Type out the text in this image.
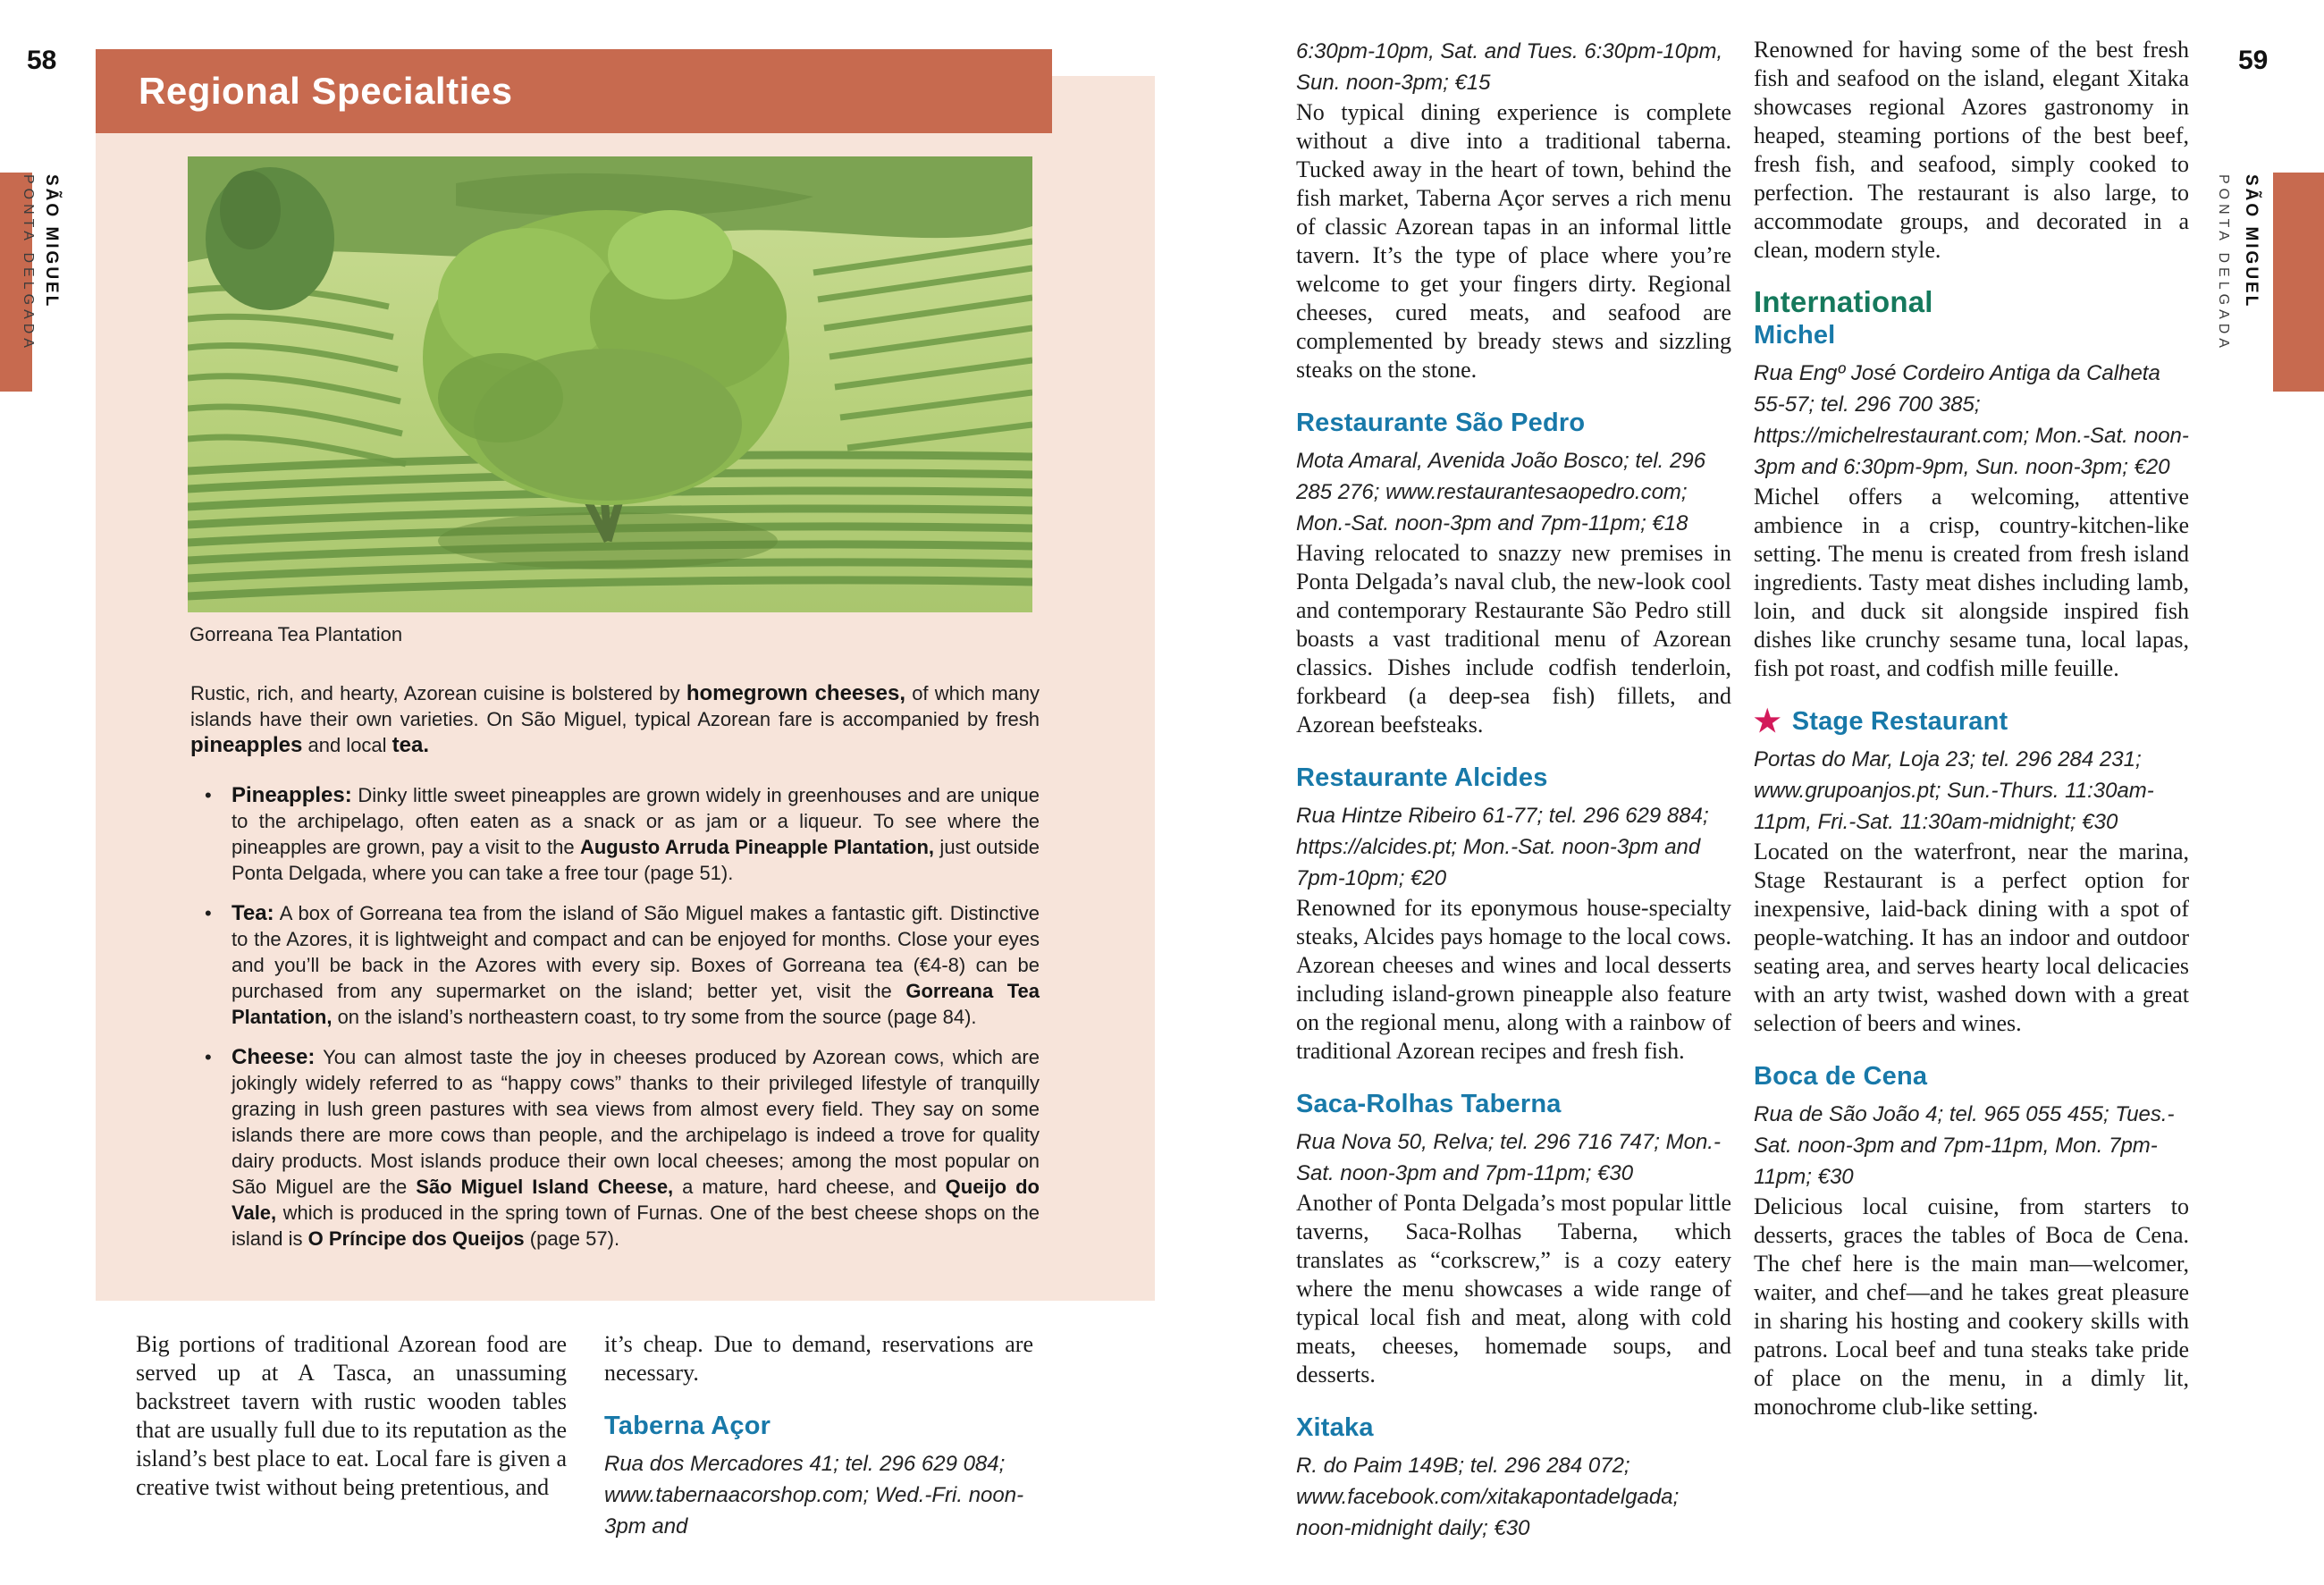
58
PONTA DELGADA SÃO MIGUEL
Gorreana Tea Plantation

Rustic, rich, and hearty, Azorean cuisine is bolstered by homegrown cheeses, of which many islands have their own varieties. On São Miguel, typical Azorean fare is accompanied by fresh pineapples and local tea.

• Pineapples: Dinky little sweet pineapples are grown widely in greenhouses and are unique to the archipelago, often eaten as a snack or as jam or a liqueur. To see where the pineapples are grown, pay a visit to the Augusto Arruda Pineapple Plantation, just outside Ponta Delgada, where you can take a free tour (page 51).
• Tea: A box of Gorreana tea from the island of São Miguel makes a fantastic gift. Distinctive to the Azores, it is lightweight and compact and can be enjoyed for months. Close your eyes and you’ll be back in the Azores with every sip. Boxes of Gorreana tea (€4-8) can be purchased from any supermarket on the island; better yet, visit the Gorreana Tea Plantation, on the island’s northeastern coast, to try some from the source (page 84).
• Cheese: You can almost taste the joy in cheeses produced by Azorean cows, which are jokingly widely referred to as “happy cows” thanks to their privileged lifestyle of tranquilly grazing in lush green pastures with sea views from almost every field. They say on some islands there are more cows than people, and the archipelago is indeed a trove for quality dairy products. Most islands produce their own local cheeses; among the most popular on São Miguel are the São Miguel Island Cheese, a mature, hard cheese, and Queijo do Vale, which is produced in the spring town of Furnas. One of the best cheese shops on the island is O Príncipe dos Queijos (page 57).
Regional Specialties

Big portions of traditional Azorean food are served up at A Tasca, an unassuming backstreet tavern with rustic wooden tables that are usually full due to its reputation as the island’s best place to eat. Local fare is given a creative twist without being pretentious, and

it’s cheap. Due to demand, reservations are necessary.

Taberna Açor

Rua dos Mercadores 41; tel. 296 629 084; www.tabernaacorshop.com; Wed.-Fri. noon-3pm and

6:30pm-10pm, Sat. and Tues. 6:30pm-10pm, Sun. noon-3pm; €15

No typical dining experience is complete without a dive into a traditional taberna. Tucked away in the heart of town, behind the fish market, Taberna Açor serves a rich menu of classic Azorean tapas in an informal little tavern. It’s the type of place where you’re welcome to get your fingers dirty. Regional cheeses, cured meats, and seafood are complemented by bready stews and sizzling steaks on the stone.

Restaurante São Pedro

Mota Amaral, Avenida João Bosco; tel. 296 285 276; www.restaurantesaopedro.com; Mon.-Sat. noon-3pm and 7pm-11pm; €18

Having relocated to snazzy new premises in Ponta Delgada’s naval club, the new-look cool and contemporary Restaurante São Pedro still boasts a vast traditional menu of Azorean classics. Dishes include codfish tenderloin, forkbeard (a deep-sea fish) fillets, and Azorean beefsteaks.

Restaurante Alcides

Rua Hintze Ribeiro 61-77; tel. 296 629 884; https://alcides.pt; Mon.-Sat. noon-3pm and 7pm-10pm; €20

Renowned for its eponymous house-specialty steaks, Alcides pays homage to the local cows. Azorean cheeses and wines and local desserts including island-grown pineapple also feature on the regional menu, along with a rainbow of traditional Azorean recipes and fresh fish.

Saca-Rolhas Taberna

Rua Nova 50, Relva; tel. 296 716 747; Mon.-Sat. noon-3pm and 7pm-11pm; €30

Another of Ponta Delgada’s most popular little taverns, Saca-Rolhas Taberna, which translates as “corkscrew,” is a cozy eatery where the menu showcases a wide range of typical local fish and meat, along with cold meats, cheeses, homemade soups, and desserts.

Xitaka

R. do Paim 149B; tel. 296 284 072; www.facebook.com/xitakapontadelgada; noon-midnight daily; €30

Renowned for having some of the best fresh fish and seafood on the island, elegant Xitaka showcases regional Azores gastronomy in heaped, steaming portions of the best beef, fresh fish, and seafood, simply cooked to perfection. The restaurant is also large, to accommodate groups, and decorated in a clean, modern style.

International
Michel

Rua Engº José Cordeiro Antiga da Calheta 55-57; tel. 296 700 385; https://michelrestaurant.com; Mon.-Sat. noon-3pm and 6:30pm-9pm, Sun. noon-3pm; €20

Michel offers a welcoming, attentive ambience in a crisp, country-kitchen-like setting. The menu is created from fresh island ingredients. Tasty meat dishes including lamb, loin, and duck sit alongside inspired fish dishes like crunchy sesame tuna, local lapas, fish pot roast, and codfish mille feuille.

★ Stage Restaurant

Portas do Mar, Loja 23; tel. 296 284 231; www.grupoanjos.pt; Sun.-Thurs. 11:30am-11pm, Fri.-Sat. 11:30am-midnight; €30

Located on the waterfront, near the marina, Stage Restaurant is a perfect option for inexpensive, laid-back dining with a spot of people-watching. It has an indoor and outdoor seating area, and serves hearty local delicacies with an arty twist, washed down with a great selection of beers and wines.

Boca de Cena

Rua de São João 4; tel. 965 055 455; Tues.-Sat. noon-3pm and 7pm-11pm, Mon. 7pm-11pm; €30

Delicious local cuisine, from starters to desserts, graces the tables of Boca de Cena. The chef here is the main man—welcomer, waiter, and chef—and he takes great pleasure in sharing his hosting and cookery skills with patrons. Local beef and tuna steaks take pride of place on the menu, in a dimly lit, monochrome club-like setting.

59
PONTA DELGADA SÃO MIGUEL
